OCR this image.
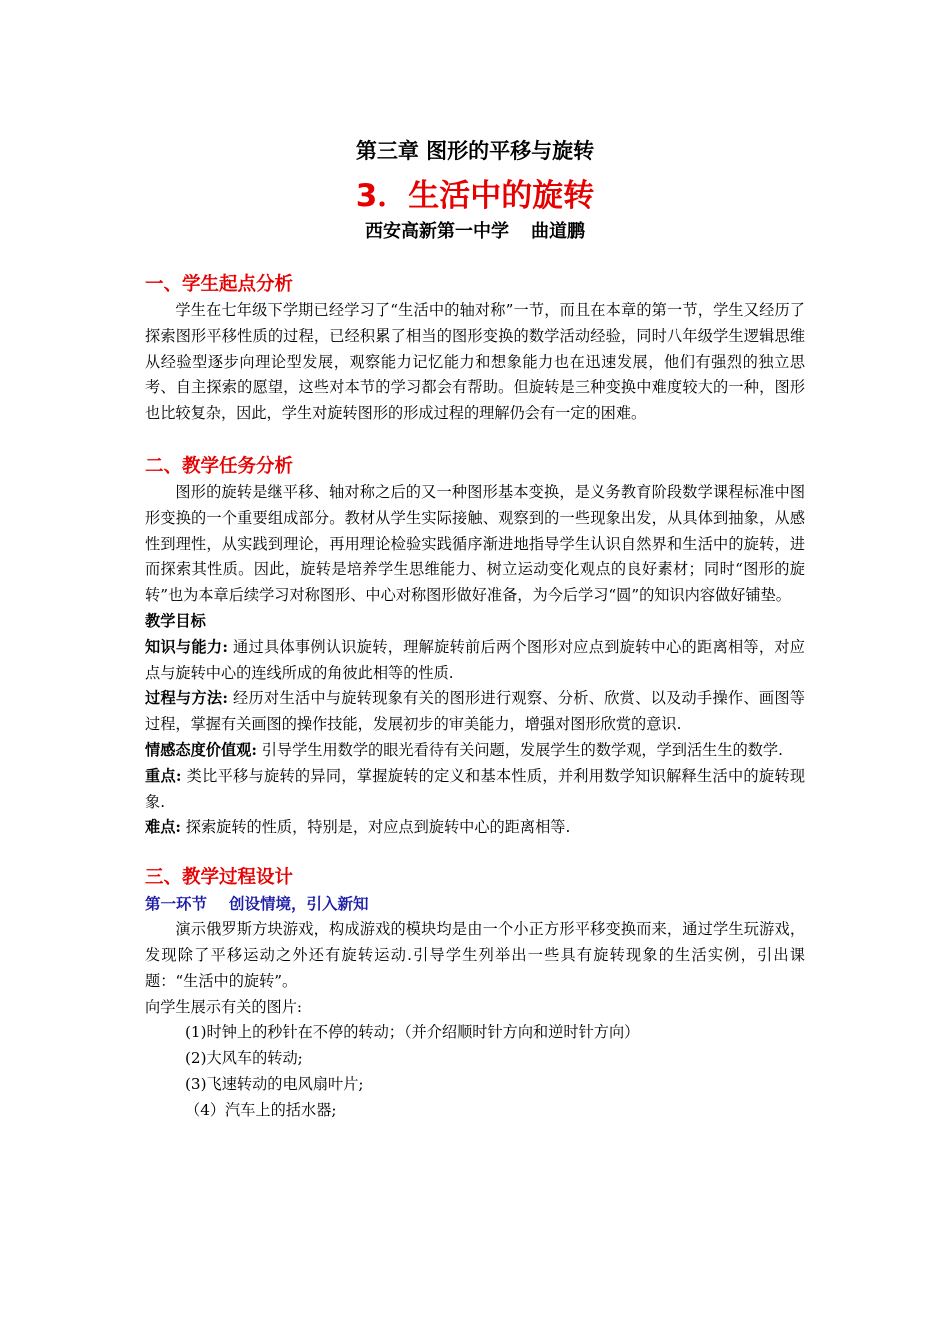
第三章 图形的平移与旋转
3．生活中的旋转
西安高新第一中学 曲道鹏
一、学生起点分析

学生在七年级下学期已经学习了“生活中的轴对称”一节，而且在本章的第一节，学生又经历了探索图形平移性质的过程，已经积累了相当的图形变换的数学活动经验，同时八年级学生逻辑思维从经验型逐步向理论型发展，观察能力记忆能力和想象能力也在迅速发展，他们有强烈的独立思考、自主探索的愿望，这些对本节的学习都会有帮助。但旋转是三种变换中难度较大的一种，图形也比较复杂，因此，学生对旋转图形的形成过程的理解仍会有一定的困难。

二、教学任务分析

图形的旋转是继平移、轴对称之后的又一种图形基本变换，是义务教育阶段数学课程标准中图形变换的一个重要组成部分。教材从学生实际接触、观察到的一些现象出发，从具体到抽象，从感性到理性，从实践到理论，再用理论检验实践循序渐进地指导学生认识自然界和生活中的旋转，进而探索其性质。因此，旋转是培养学生思维能力、树立运动变化观点的良好素材；同时“图形的旋转”也为本章后续学习对称图形、中心对称图形做好准备，为今后学习“圆”的知识内容做好铺垫。

教学目标

知识与能力: 通过具体事例认识旋转，理解旋转前后两个图形对应点到旋转中心的距离相等，对应点与旋转中心的连线所成的角彼此相等的性质.

过程与方法: 经历对生活中与旋转现象有关的图形进行观察、分析、欣赏、以及动手操作、画图等过程，掌握有关画图的操作技能，发展初步的审美能力，增强对图形欣赏的意识.

情感态度价值观: 引导学生用数学的眼光看待有关问题，发展学生的数学观，学到活生生的数学.

重点: 类比平移与旋转的异同，掌握旋转的定义和基本性质，并利用数学知识解释生活中的旋转现象.

难点: 探索旋转的性质，特别是，对应点到旋转中心的距离相等.

三、教学过程设计
第一环节 创设情境，引入新知

演示俄罗斯方块游戏，构成游戏的模块均是由一个小正方形平移变换而来，通过学生玩游戏，发现除了平移运动之外还有旋转运动.引导学生列举出一些具有旋转现象的生活实例，引出课题：“生活中的旋转”。

向学生展示有关的图片:

(1)时钟上的秒针在不停的转动；（并介绍顺时针方向和逆时针方向）

(2)大风车的转动;

(3)飞速转动的电风扇叶片;

（4）汽车上的括水器;
